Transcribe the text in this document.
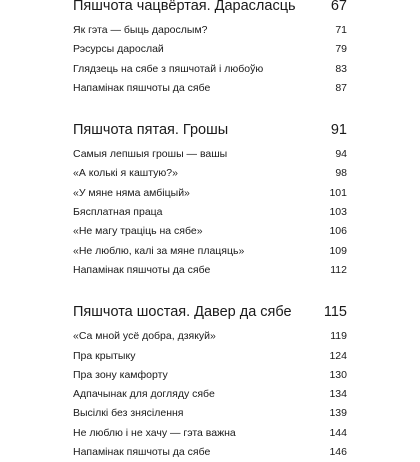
Пяшчота чацвёртая. Дарасласць 67
Як гэта — быць дарослым?	71
Рэсурсы дарослай	79
Глядзець на сябе з пяшчотай і любоўю	83
Напамінак пяшчоты да сябе	87
Пяшчота пятая. Грошы	91
Самыя лепшыя грошы — вашы	94
«А колькі я каштую?»	98
«У мяне няма амбіцый»	101
Бясплатная праца	103
«Не магу траціць на сябе»	106
«Не люблю, калі за мяне плацяць»	109
Напамінак пяшчоты да сябе	112
Пяшчота шостая. Давер да сябе 115
«Са мной усё добра, дзякуй»	119
Пра крытыку	124
Пра зону камфорту	130
Адпачынак для догляду сябе	134
Высілкі без знясілення	139
Не люблю і не хачу — гэта важна	144
Напамінак пяшчоты да сябе	146
